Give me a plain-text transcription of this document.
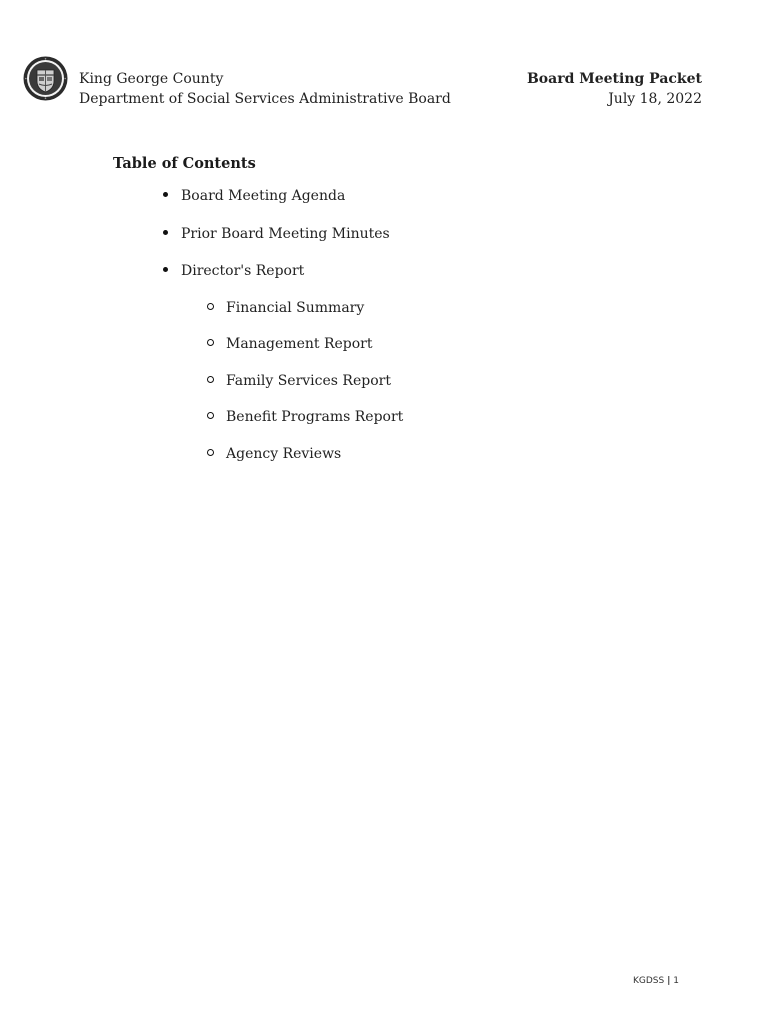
King George County
Department of Social Services Administrative Board
Board Meeting Packet
July 18, 2022
Table of Contents
Board Meeting Agenda
Prior Board Meeting Minutes
Director's Report
Financial Summary
Management Report
Family Services Report
Benefit Programs Report
Agency Reviews
KGDSS | 1
